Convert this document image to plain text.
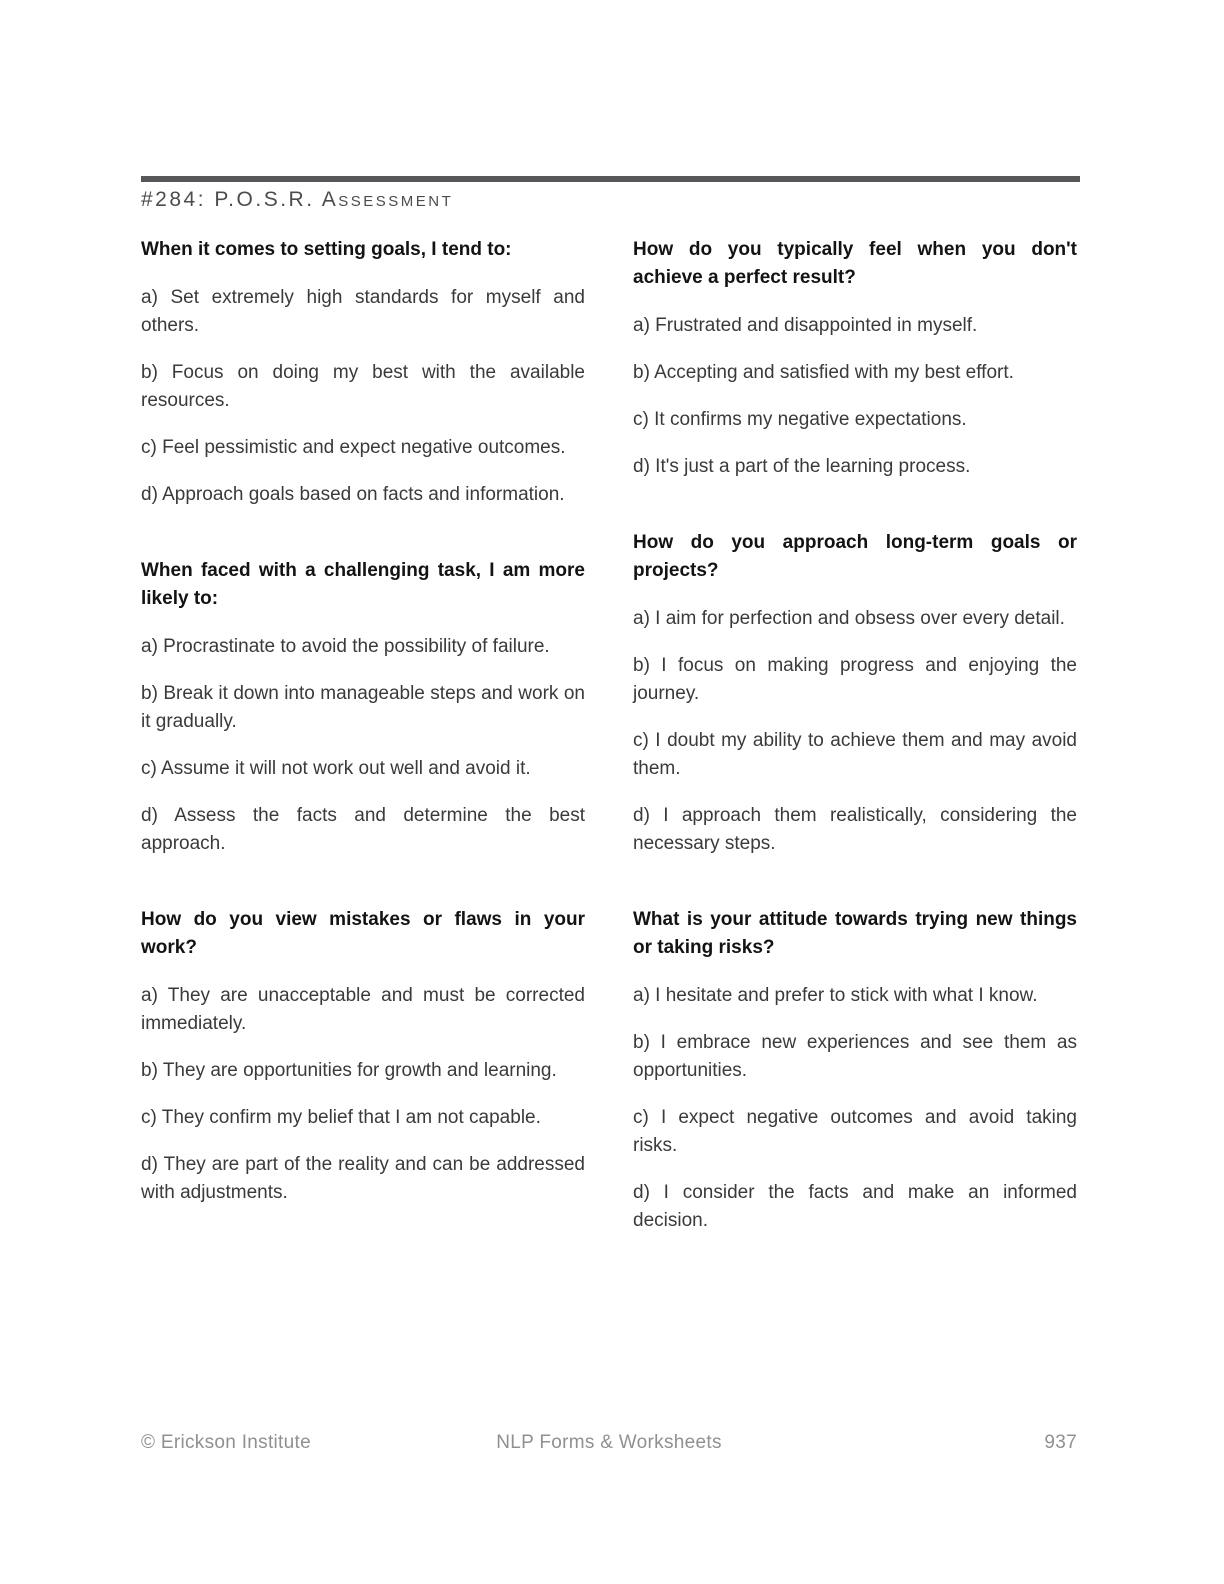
#284: P.O.S.R. Assessment
When it comes to setting goals, I tend to:

a) Set extremely high standards for myself and others.

b) Focus on doing my best with the available resources.

c) Feel pessimistic and expect negative outcomes.

d) Approach goals based on facts and information.

When faced with a challenging task, I am more likely to:

a) Procrastinate to avoid the possibility of failure.

b) Break it down into manageable steps and work on it gradually.

c) Assume it will not work out well and avoid it.

d) Assess the facts and determine the best approach.

How do you view mistakes or flaws in your work?

a) They are unacceptable and must be corrected immediately.

b) They are opportunities for growth and learning.

c) They confirm my belief that I am not capable.

d) They are part of the reality and can be addressed with adjustments.

How do you typically feel when you don't achieve a perfect result?

a) Frustrated and disappointed in myself.

b) Accepting and satisfied with my best effort.

c) It confirms my negative expectations.

d) It's just a part of the learning process.

How do you approach long-term goals or projects?

a) I aim for perfection and obsess over every detail.

b) I focus on making progress and enjoying the journey.

c) I doubt my ability to achieve them and may avoid them.

d) I approach them realistically, considering the necessary steps.

What is your attitude towards trying new things or taking risks?

a) I hesitate and prefer to stick with what I know.

b) I embrace new experiences and see them as opportunities.

c) I expect negative outcomes and avoid taking risks.

d) I consider the facts and make an informed decision.

© Erickson Institute	NLP Forms & Worksheets	937
